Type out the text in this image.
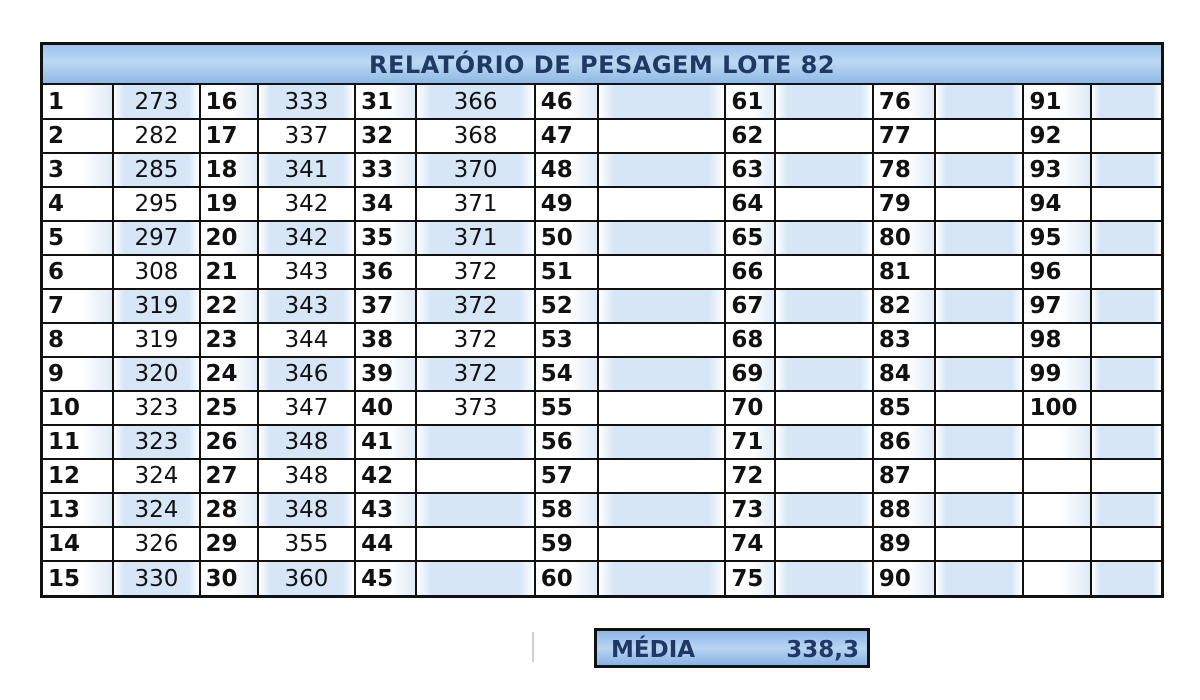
RELATÓRIO DE PESAGEM LOTE 82
1	273	16	333	31	366	46		61		76		91	
2	282	17	337	32	368	47		62		77		92	
3	285	18	341	33	370	48		63		78		93	
4	295	19	342	34	371	49		64		79		94	
5	297	20	342	35	371	50		65		80		95	
6	308	21	343	36	372	51		66		81		96	
7	319	22	343	37	372	52		67		82		97	
8	319	23	344	38	372	53		68		83		98	
9	320	24	346	39	372	54		69		84		99	
10	323	25	347	40	373	55		70		85		100	
11	323	26	348	41		56		71		86			
12	324	27	348	42		57		72		87			
13	324	28	348	43		58		73		88			
14	326	29	355	44		59		74		89			
15	330	30	360	45		60		75		90			
MÉDIA	338,3
